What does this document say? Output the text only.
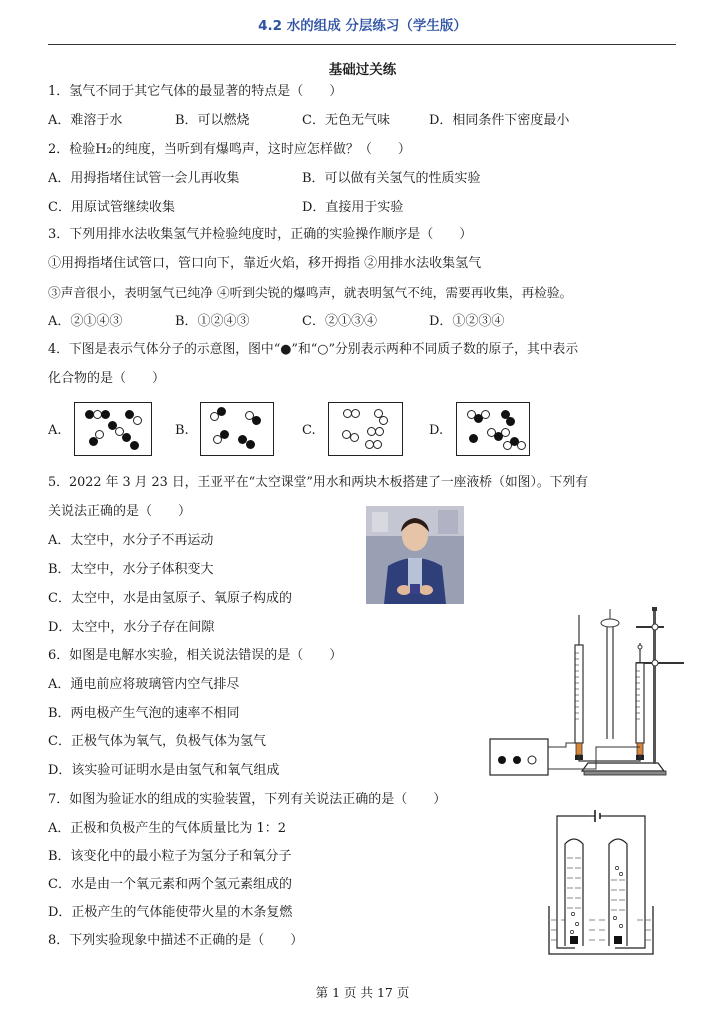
4.2 水的组成 分层练习（学生版）
基础过关练
1．氢气不同于其它气体的最显著的特点是（　　）
A．难溶于水	B．可以燃烧	C．无色无气味	D．相同条件下密度最小
2．检验H₂的纯度，当听到有爆鸣声，这时应怎样做？（　　）
A．用拇指堵住试管一会儿再收集	B．可以做有关氢气的性质实验
C．用原试管继续收集	D．直接用于实验
3．下列用排水法收集氢气并检验纯度时，正确的实验操作顺序是（　　）
①用拇指堵住试管口，管口向下，靠近火焰，移开拇指 ②用排水法收集氢气
③声音很小，表明氢气已纯净 ④听到尖锐的爆鸣声，就表明氢气不纯，需要再收集，再检验。
A．②①④③	B．①②④③	C．②①③④	D．①②③④
4．下图是表示气体分子的示意图，图中“●”和“○”分别表示两种不同质子数的原子，其中表示
化合物的是（　　）
A.	B.	C.	D.
5．2022 年 3 月 23 日，王亚平在“太空课堂”用水和两块木板搭建了一座液桥（如图）。下列有
关说法正确的是（　　）
A．太空中，水分子不再运动
B．太空中，水分子体积变大
C．太空中，水是由氢原子、氧原子构成的
D．太空中，水分子存在间隙
6．如图是电解水实验，相关说法错误的是（　　）
A．通电前应将玻璃管内空气排尽
B．两电极产生气泡的速率不相同
C．正极气体为氧气，负极气体为氢气
D．该实验可证明水是由氢气和氧气组成
7．如图为验证水的组成的实验装置，下列有关说法正确的是（　　）
A．正极和负极产生的气体质量比为 1：2
B．该变化中的最小粒子为氢分子和氧分子
C．水是由一个氧元素和两个氢元素组成的
D．正极产生的气体能使带火星的木条复燃
8．下列实验现象中描述不正确的是（　　）
第 1 页 共 17 页
